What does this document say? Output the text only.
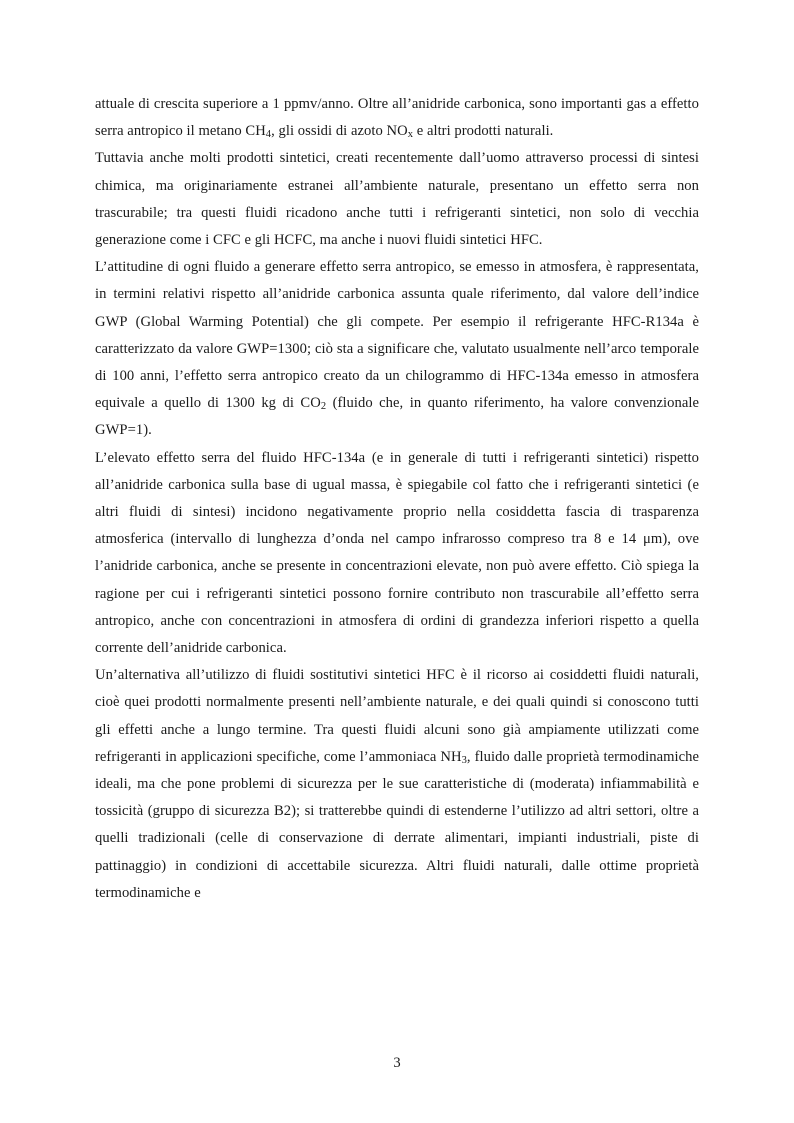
attuale di crescita superiore a 1 ppmv/anno. Oltre all’anidride carbonica, sono importanti gas a effetto serra antropico il metano $CH_4$, gli ossidi di azoto $NO_x$ e altri prodotti naturali.

Tuttavia anche molti prodotti sintetici, creati recentemente dall’uomo attraverso processi di sintesi chimica, ma originariamente estranei all’ambiente naturale, presentano un effetto serra non trascurabile; tra questi fluidi ricadono anche tutti i refrigeranti sintetici, non solo di vecchia generazione come i CFC e gli HCFC, ma anche i nuovi fluidi sintetici HFC.

L’attitudine di ogni fluido a generare effetto serra antropico, se emesso in atmosfera, è rappresentata, in termini relativi rispetto all’anidride carbonica assunta quale riferimento, dal valore dell’indice GWP (Global Warming Potential) che gli compete. Per esempio il refrigerante HFC-R134a è caratterizzato da valore GWP=1300; ciò sta a significare che, valutato usualmente nell’arco temporale di 100 anni, l’effetto serra antropico creato da un chilogrammo di HFC-134a emesso in atmosfera equivale a quello di 1300 kg di $CO_2$ (fluido che, in quanto riferimento, ha valore convenzionale GWP=1).

L’elevato effetto serra del fluido HFC-134a (e in generale di tutti i refrigeranti sintetici) rispetto all’anidride carbonica sulla base di ugual massa, è spiegabile col fatto che i refrigeranti sintetici (e altri fluidi di sintesi) incidono negativamente proprio nella cosiddetta fascia di trasparenza atmosferica (intervallo di lunghezza d’onda nel campo infrarosso compreso tra 8 e 14 μm), ove l’anidride carbonica, anche se presente in concentrazioni elevate, non può avere effetto. Ciò spiega la ragione per cui i refrigeranti sintetici possono fornire contributo non trascurabile all’effetto serra antropico, anche con concentrazioni in atmosfera di ordini di grandezza inferiori rispetto a quella corrente dell’anidride carbonica.

Un’alternativa all’utilizzo di fluidi sostitutivi sintetici HFC è il ricorso ai cosiddetti fluidi naturali, cioè quei prodotti normalmente presenti nell’ambiente naturale, e dei quali quindi si conoscono tutti gli effetti anche a lungo termine. Tra questi fluidi alcuni sono già ampiamente utilizzati come refrigeranti in applicazioni specifiche, come l’ammoniaca $NH_3$, fluido dalle proprietà termodinamiche ideali, ma che pone problemi di sicurezza per le sue caratteristiche di (moderata) infiammabilità e tossicità (gruppo di sicurezza B2); si tratterebbe quindi di estenderne l’utilizzo ad altri settori, oltre a quelli tradizionali (celle di conservazione di derrate alimentari, impianti industriali, piste di pattinaggio) in condizioni di accettabile sicurezza. Altri fluidi naturali, dalle ottime proprietà termodinamiche e

3
